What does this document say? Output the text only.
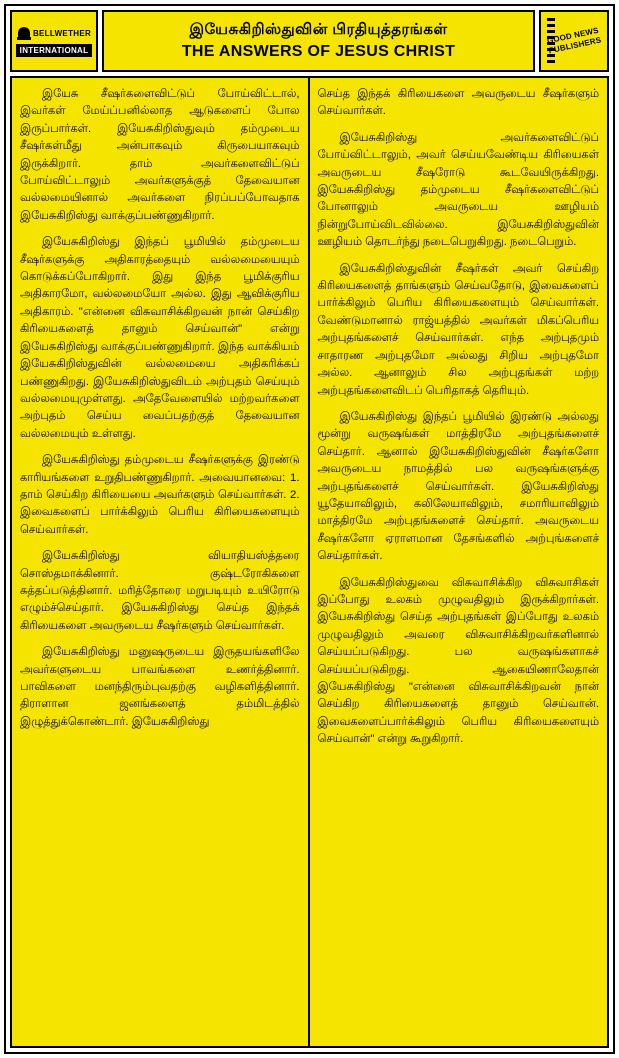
BELLWETHER
INTERNATIONAL
இயேசுகிறிஸ்துவின் பிரதியுத்தரங்கள்
THE ANSWERS OF JESUS CHRIST
GOOD NEWS PUBLISHERS

இயேசு சீஷர்களைவிட்டுப் போய்விட்டால், இவர்கள் மேய்ப்பனில்லாத ஆடுகளைப் போல இருப்பார்கள். இயேசுகிறிஸ்துவும் தம்முடைய சீஷர்கள்மீது அன்பாகவும் கிருபையாகவும் இருக்கிறார். தாம் அவர்களைவிட்டுப் போய்விட்டாலும் அவர்களுக்குத் தேவையான வல்லமையினால் அவர்களை நிரப்பப்போவதாக இயேசுகிறிஸ்து வாக்குப்பண்ணுகிறார்.

இயேசுகிறிஸ்து இந்தப் பூமியில் தம்முடைய சீஷர்களுக்கு அதிகாரத்தையும் வல்லமையையும் கொடுக்கப்போகிறார். இது இந்த பூமிக்குரிய அதிகாரமோ, வல்லமையோ அல்ல. இது ஆவிக்குரிய அதிகாரம். "என்னை விசுவாசிக்கிறவன் நான் செய்கிற கிரியைகளைத் தானும் செய்வான்" என்று இயேசுகிறிஸ்து வாக்குப்பண்ணுகிறார். இந்த வாக்கியம் இயேசுகிறிஸ்துவின் வல்லமையை அதிகரிக்கப் பண்ணுகிறது. இயேசுகிறிஸ்துவிடம் அற்புதம் செய்யும் வல்லமையுமுள்ளது. அதேவேளையில் மற்றவர்களை அற்புதம் செய்ய வைப்பதற்குத் தேவையான வல்லமையும் உள்ளது.

இயேசுகிறிஸ்து தம்முடைய சீஷர்களுக்கு இரண்டு காரியங்களை உறுதிபண்ணுகிறார். அவையானவை: 1. தாம் செய்கிற கிரியையை அவர்களும் செய்வார்கள். 2. இவைகளைப் பார்க்கிலும் பெரிய கிரியைகளையும் செய்வார்கள்.

இயேசுகிறிஸ்து வியாதியஸ்த்தரை சொஸ்தமாக்கினார். குஷ்டரோகிகளை சுத்தப்படுத்தினார். மரித்தோரை மறுபடியும் உயிரோடு எழும்ச்செய்தார். இயேசுகிறிஸ்து செய்த இந்தக் கிரியைகளை அவருடைய சீஷர்களும் செய்வார்கள்.

இயேசுகிறிஸ்து மனுஷருடைய இருதயங்களிலே அவர்களுடைய பாவங்களை உணர்த்தினார். பாவிகளை மனந்திரும்புவதற்கு வழிகளித்தினார். திராளான ஜனங்களைத் தம்மிடத்தில் இழுத்துக்கொண்டார். இயேசுகிறிஸ்து

செய்த இந்தக் கிரியைகளை அவருடைய சீஷர்களும் செய்வார்கள்.

இயேசுகிறிஸ்து அவர்களைவிட்டுப் போய்விட்டாலும், அவர் செய்யவேண்டிய கிரியைகள் அவருடைய சீஷரோடு கூடவேயிருக்கிறது. இயேசுகிறிஸ்து தம்முடைய சீஷர்களைவிட்டுப் போனாலும் அவருடைய ஊழியம் நின்றுபோய்விடவில்லை. இயேசுகிறிஸ்துவின் ஊழியம் தொடர்ந்து நடைபெறுகிறது. நடைபெறும்.

இயேசுகிறிஸ்துவின் சீஷர்கள் அவர் செய்கிற கிரியைகளைத் தாங்களும் செய்வதோடு, இவைகளைப் பார்க்கிலும் பெரிய கிரியைகளையும் செய்வார்கள். வேண்டுமானால் ராஜ்யத்தில் அவர்கள் மிகப்பெரிய அற்புதங்களைச் செய்வார்கள். எந்த அற்புதமும் சாதாரண அற்புதமோ அல்லது சிறிய அற்புதமோ அல்ல. ஆனாலும் சில அற்புதங்கள் மற்ற அற்புதங்களைவிடப் பெரிதாகத் தெரியும்.

இயேசுகிறிஸ்து இந்தப் பூமியில் இரண்டு அல்லது மூன்று வருஷங்கள் மாத்திரமே அற்புதங்களைச் செய்தார். ஆனால் இயேசுகிறிஸ்துவின் சீஷர்களோ அவருடைய நாமத்தில் பல வருஷங்களுக்கு அற்புதங்களைச் செய்வார்கள். இயேசுகிறிஸ்து யூதேயாவிலும், கலிலேயாவிலும், சமாரியாவிலும் மாத்திரமே அற்புதங்களைச் செய்தார். அவருடைய சீஷர்களோ ஏராளமான தேசங்களில் அற்புங்களைச் செய்தார்கள்.

இயேசுகிறிஸ்துவை விசுவாசிக்கிற விசுவாசிகள் இப்போது உலகம் முழுவதிலும் இருக்கிறார்கள். இயேசுகிறிஸ்து செய்த அற்புதங்கள் இப்போது உலகம் முழுவதிலும் அவரை விசுவாசிக்கிறவர்களினால் செய்யப்படுகிறது. பல வருஷங்களாகச் செய்யப்படுகிறது. ஆகையிணாலேதான் இயேசுகிறிஸ்து "என்னை விசுவாசிக்கிறவன் நான் செய்கிற கிரியைகளைத் தானும் செய்வான். இவைகளைப்பார்க்கிலும் பெரிய கிரியைகளையும் செய்வான்" என்று கூறுகிறார்.
